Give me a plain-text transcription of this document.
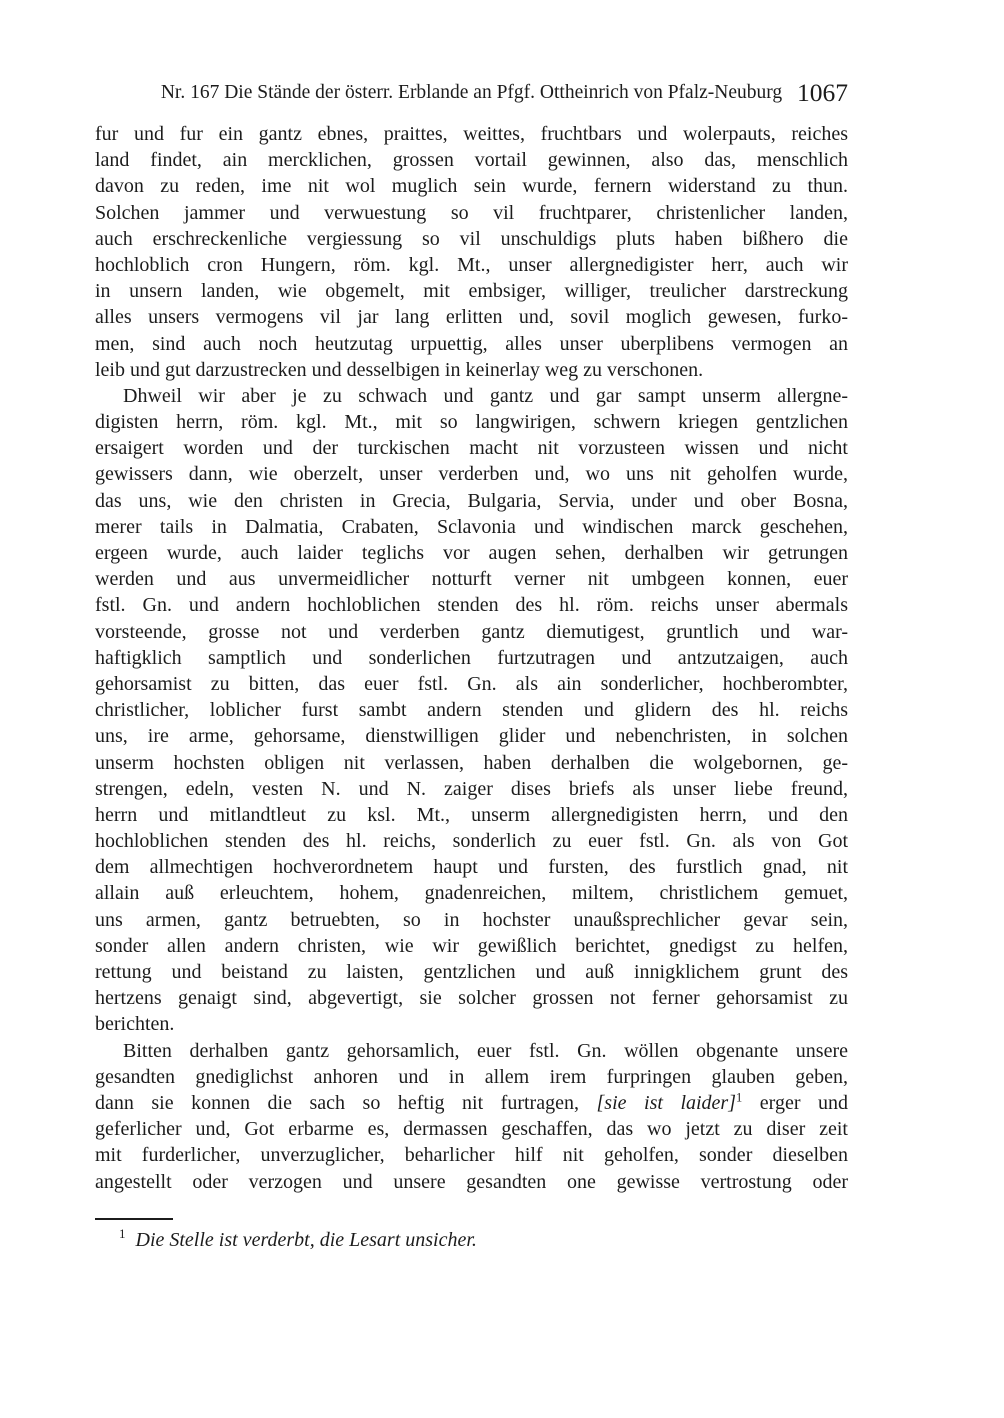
Nr. 167 Die Stände der österr. Erblande an Pfgf. Ottheinrich von Pfalz-Neuburg 1067
fur und fur ein gantz ebnes, praittes, weittes, fruchtbars und wolerpauts, reiches
land findet, ain mercklichen, grossen vortail gewinnen, also das, menschlich
davon zu reden, ime nit wol muglich sein wurde, fernern widerstand zu thun.
Solchen jammer und verwuestung so vil fruchtparer, christenlicher landen,
auch erschreckenliche vergiessung so vil unschuldigs pluts haben bißhero die
hochloblich cron Hungern, röm. kgl. Mt., unser allergnedigister herr, auch wir
in unsern landen, wie obgemelt, mit embsiger, williger, treulicher darstreckung
alles unsers vermogens vil jar lang erlitten und, sovil moglich gewesen, furko-
men, sind auch noch heutzutag urpuettig, alles unser uberplibens vermogen an
leib und gut darzustrecken und desselbigen in keinerlay weg zu verschonen.
Dhweil wir aber je zu schwach und gantz und gar sampt unserm allergne-
digisten herrn, röm. kgl. Mt., mit so langwirigen, schwern kriegen gentzlichen
ersaigert worden und der turckischen macht nit vorzusteen wissen und nicht
gewissers dann, wie oberzelt, unser verderben und, wo uns nit geholfen wurde,
das uns, wie den christen in Grecia, Bulgaria, Servia, under und ober Bosna,
merer tails in Dalmatia, Crabaten, Sclavonia und windischen marck geschehen,
ergeen wurde, auch laider teglichs vor augen sehen, derhalben wir getrungen
werden und aus unvermeidlicher notturft verner nit umbgeen konnen, euer
fstl. Gn. und andern hochloblichen stenden des hl. röm. reichs unser abermals
vorsteende, grosse not und verderben gantz diemutigest, gruntlich und war-
haftigklich samptlich und sonderlichen furtzutragen und antzutzaigen, auch
gehorsamist zu bitten, das euer fstl. Gn. als ain sonderlicher, hochberombter,
christlicher, loblicher furst sambt andern stenden und glidern des hl. reichs
uns, ire arme, gehorsame, dienstwilligen glider und nebenchristen, in solchen
unserm hochsten obligen nit verlassen, haben derhalben die wolgebornen, ge-
strengen, edeln, vesten N. und N. zaiger dises briefs als unser liebe freund,
herrn und mitlandtleut zu ksl. Mt., unserm allergnedigisten herrn, und den
hochloblichen stenden des hl. reichs, sonderlich zu euer fstl. Gn. als von Got
dem allmechtigen hochverordnetem haupt und fursten, des furstlich gnad, nit
allain auß erleuchtem, hohem, gnadenreichen, miltem, christlichem gemuet,
uns armen, gantz betruebten, so in hochster unaußsprechlicher gevar sein,
sonder allen andern christen, wie wir gewißlich berichtet, gnedigst zu helfen,
rettung und beistand zu laisten, gentzlichen und auß innigklichem grunt des
hertzens genaigt sind, abgevertigt, sie solcher grossen not ferner gehorsamist zu
berichten.
Bitten derhalben gantz gehorsamlich, euer fstl. Gn. wöllen obgenante unsere
gesandten gnediglichst anhoren und in allem irem furpringen glauben geben,
dann sie konnen die sach so heftig nit furtragen, [sie ist laider]$^1$ erger und
geferlicher und, Got erbarme es, dermassen geschaffen, das wo jetzt zu diser zeit
mit furderlicher, unverzuglicher, beharlicher hilf nit geholfen, sonder dieselben
angestellt oder verzogen und unsere gesandten one gewisse vertrostung oder
$^1$ Die Stelle ist verderbt, die Lesart unsicher.
